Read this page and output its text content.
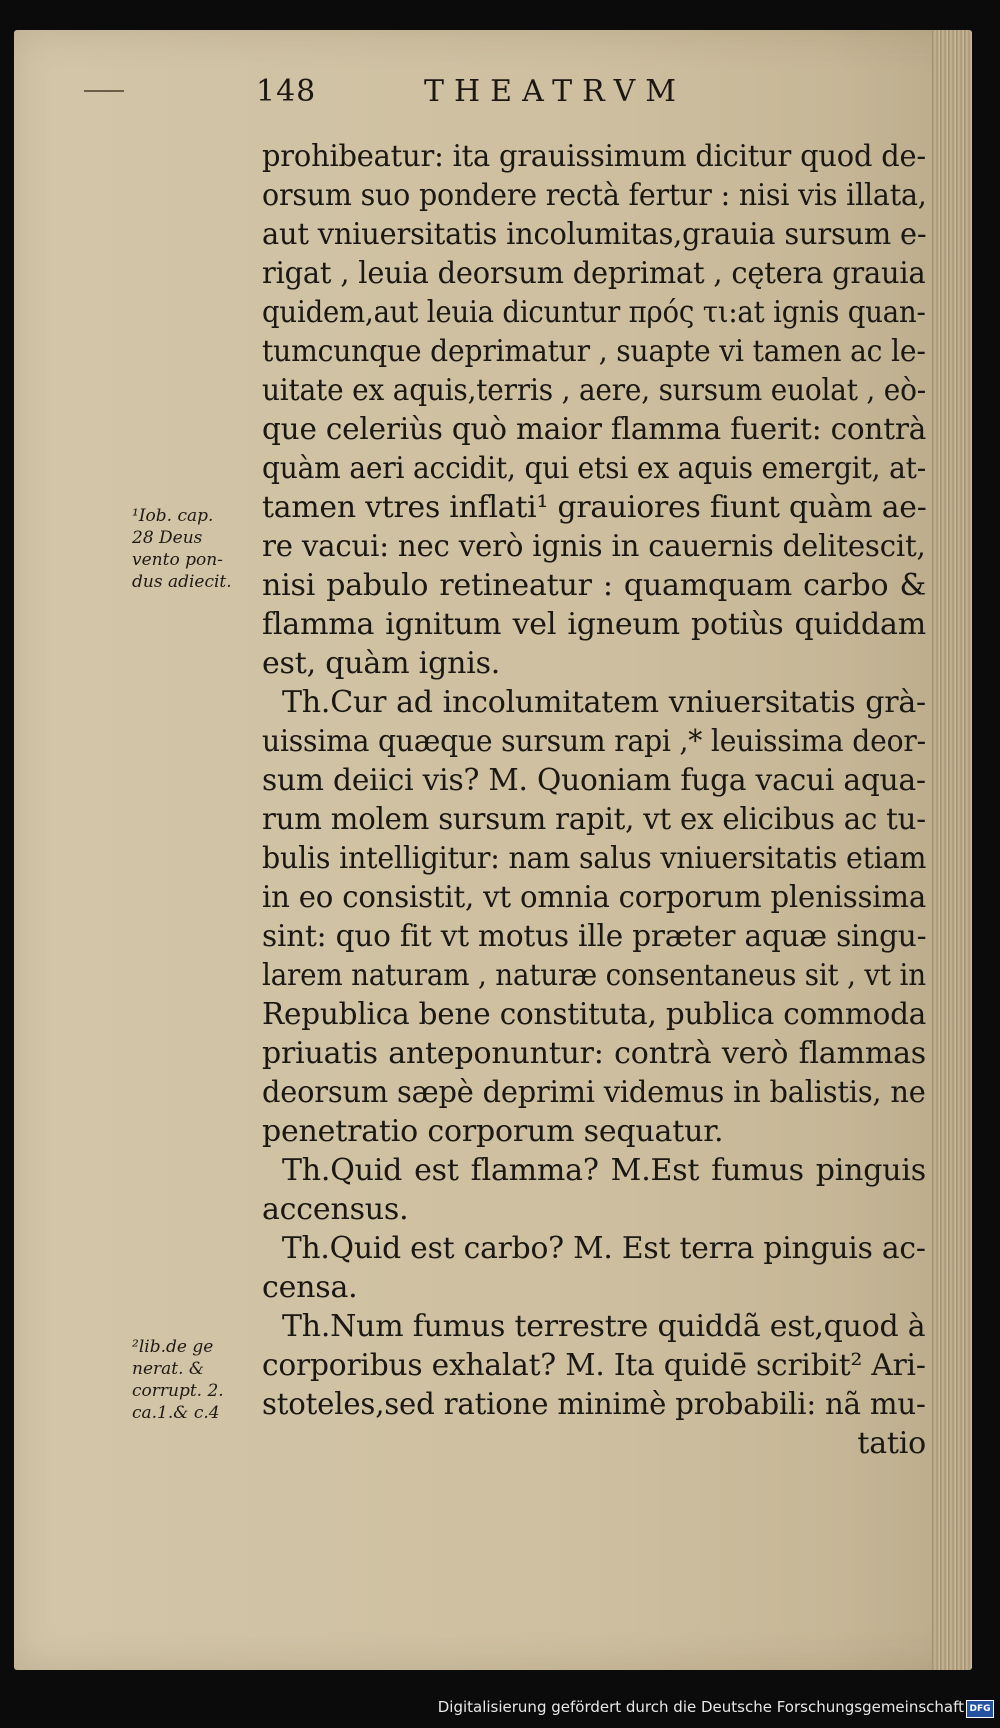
148	THEATRVM
¹Iob. cap.
28 Deus
vento pon-
dus adiecit.
²lib.de ge
nerat. &
corrupt. 2.
ca.1.& c.4
prohibeatur: ita grauissimum dicitur quod de-
orsum suo pondere rectà fertur : nisi vis illata,
aut vniuersitatis incolumitas,grauia sursum e-
rigat , leuia deorsum deprimat , cętera grauia
quidem,aut leuia dicuntur πρός τι:at ignis quan-
tumcunque deprimatur , suapte vi tamen ac le-
uitate ex aquis,terris , aere, sursum euolat , eò-
que celeriùs quò maior flamma fuerit: contrà
quàm aeri accidit, qui etsi ex aquis emergit, at-
tamen vtres inflati¹ grauiores fiunt quàm ae-
re vacui: nec verò ignis in cauernis delitescit,
nisi pabulo retineatur : quamquam carbo &
flamma ignitum vel igneum potiùs quiddam
est, quàm ignis.
Th.Cur ad incolumitatem vniuersitatis grà-
uissima quæque sursum rapi ,* leuissima deor-
sum deiici vis? M. Quoniam fuga vacui aqua-
rum molem sursum rapit, vt ex elicibus ac tu-
bulis intelligitur: nam salus vniuersitatis etiam
in eo consistit, vt omnia corporum plenissima
sint: quo fit vt motus ille præter aquæ singu-
larem naturam , naturæ consentaneus sit , vt in
Republica bene constituta, publica commoda
priuatis anteponuntur: contrà verò flammas
deorsum sæpè deprimi videmus in balistis, ne
penetratio corporum sequatur.
Th.Quid est flamma? M.Est fumus pinguis
accensus.
Th.Quid est carbo? M. Est terra pinguis ac-
censa.
Th.Num fumus terrestre quiddã est,quod à
corporibus exhalat? M. Ita quidē scribit² Ari-
stoteles,sed ratione minimè probabili: nã mu-
tatio
Digitalisierung gefördert durch die Deutsche Forschungsgemeinschaft DFG
